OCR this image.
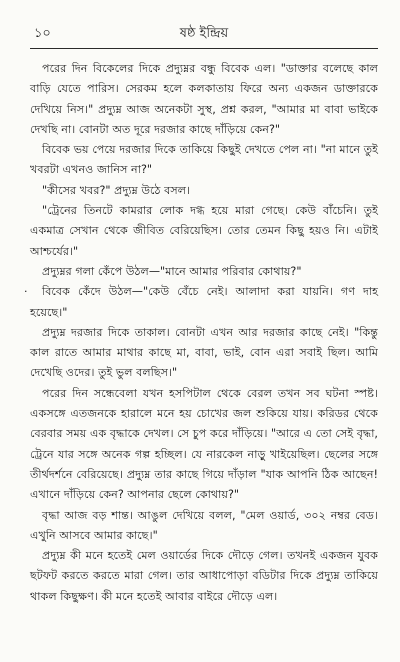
১০	ষষ্ঠ ইন্দ্রিয়

পরের দিন বিকেলের দিকে প্রদ্যুম্নর বন্ধু বিবেক এল। "ডাক্তার বলেছে কাল বাড়ি যেতে পারিস। সেরকম হলে কলকাতায় ফিরে অন্য একজন ডাক্তারকে দেখিয়ে নিস।" প্রদ্যুম্ন আজ অনেকটা সুস্থ, প্রশ্ন করল, "আমার মা বাবা ভাইকে দেখছি না। বোনটা অত দূরে দরজার কাছে দাঁড়িয়ে কেন?"

বিবেক ভয় পেয়ে দরজার দিকে তাকিয়ে কিছুই দেখতে পেল না। "না মানে তুই খবরটা এখনও জানিস না?"

"কীসের খবর?" প্রদ্যুম্ন উঠে বসল।

"ট্রেনের তিনটে কামরার লোক দগ্ধ হয়ে মারা গেছে। কেউ বাঁচেনি। তুই একমাত্র সেখান থেকে জীবিত বেরিয়েছিস। তোর তেমন কিছু হয়ও নি। এটাই আশ্চর্যের।"

প্রদ্যুম্নর গলা কেঁপে উঠল—"মানে আমার পরিবার কোথায়?"

· বিবেক কেঁদে উঠল—"কেউ বেঁচে নেই। আলাদা করা যায়নি। গণ দাহ হয়েছে।"

প্রদ্যুম্ন দরজার দিকে তাকাল। বোনটা এখন আর দরজার কাছে নেই। "কিন্তু কাল রাতে আমার মাথার কাছে মা, বাবা, ভাই, বোন এরা সবাই ছিল। আমি দেখেছি ওদের। তুই ভুল বলছিস।"

পরের দিন সন্ধেবেলা যখন হসপিটাল থেকে বেরল তখন সব ঘটনা স্পষ্ট। একসঙ্গে এতজনকে হারালে মনে হয় চোখের জল শুকিয়ে যায়। করিডর থেকে বেরবার সময় এক বৃদ্ধাকে দেখল। সে চুপ করে দাঁড়িয়ে। "আরে এ তো সেই বৃদ্ধা, ট্রেনে যার সঙ্গে অনেক গল্প হচ্ছিল। যে নারকেল নাড়ু খাইয়েছিল। ছেলের সঙ্গে তীর্থদর্শনে বেরিয়েছে। প্রদ্যুম্ন তার কাছে গিয়ে দাঁড়াল "যাক আপনি ঠিক আছেন! এখানে দাঁড়িয়ে কেন? আপনার ছেলে কোথায়?"

বৃদ্ধা আজ বড় শান্ত। আঙুল দেখিয়ে বলল, "মেল ওয়ার্ড, ৩০২ নম্বর বেড। এখুনি আসবে আমার কাছে।"

প্রদ্যুম্ন কী মনে হতেই মেল ওয়ার্ডের দিকে দৌড়ে গেল। তখনই একজন যুবক ছটফট করতে করতে মারা গেল। তার আধাপোড়া বডিটার দিকে প্রদ্যুম্ন তাকিয়ে থাকল কিছুক্ষণ। কী মনে হতেই আবার বাইরে দৌড়ে এল।
